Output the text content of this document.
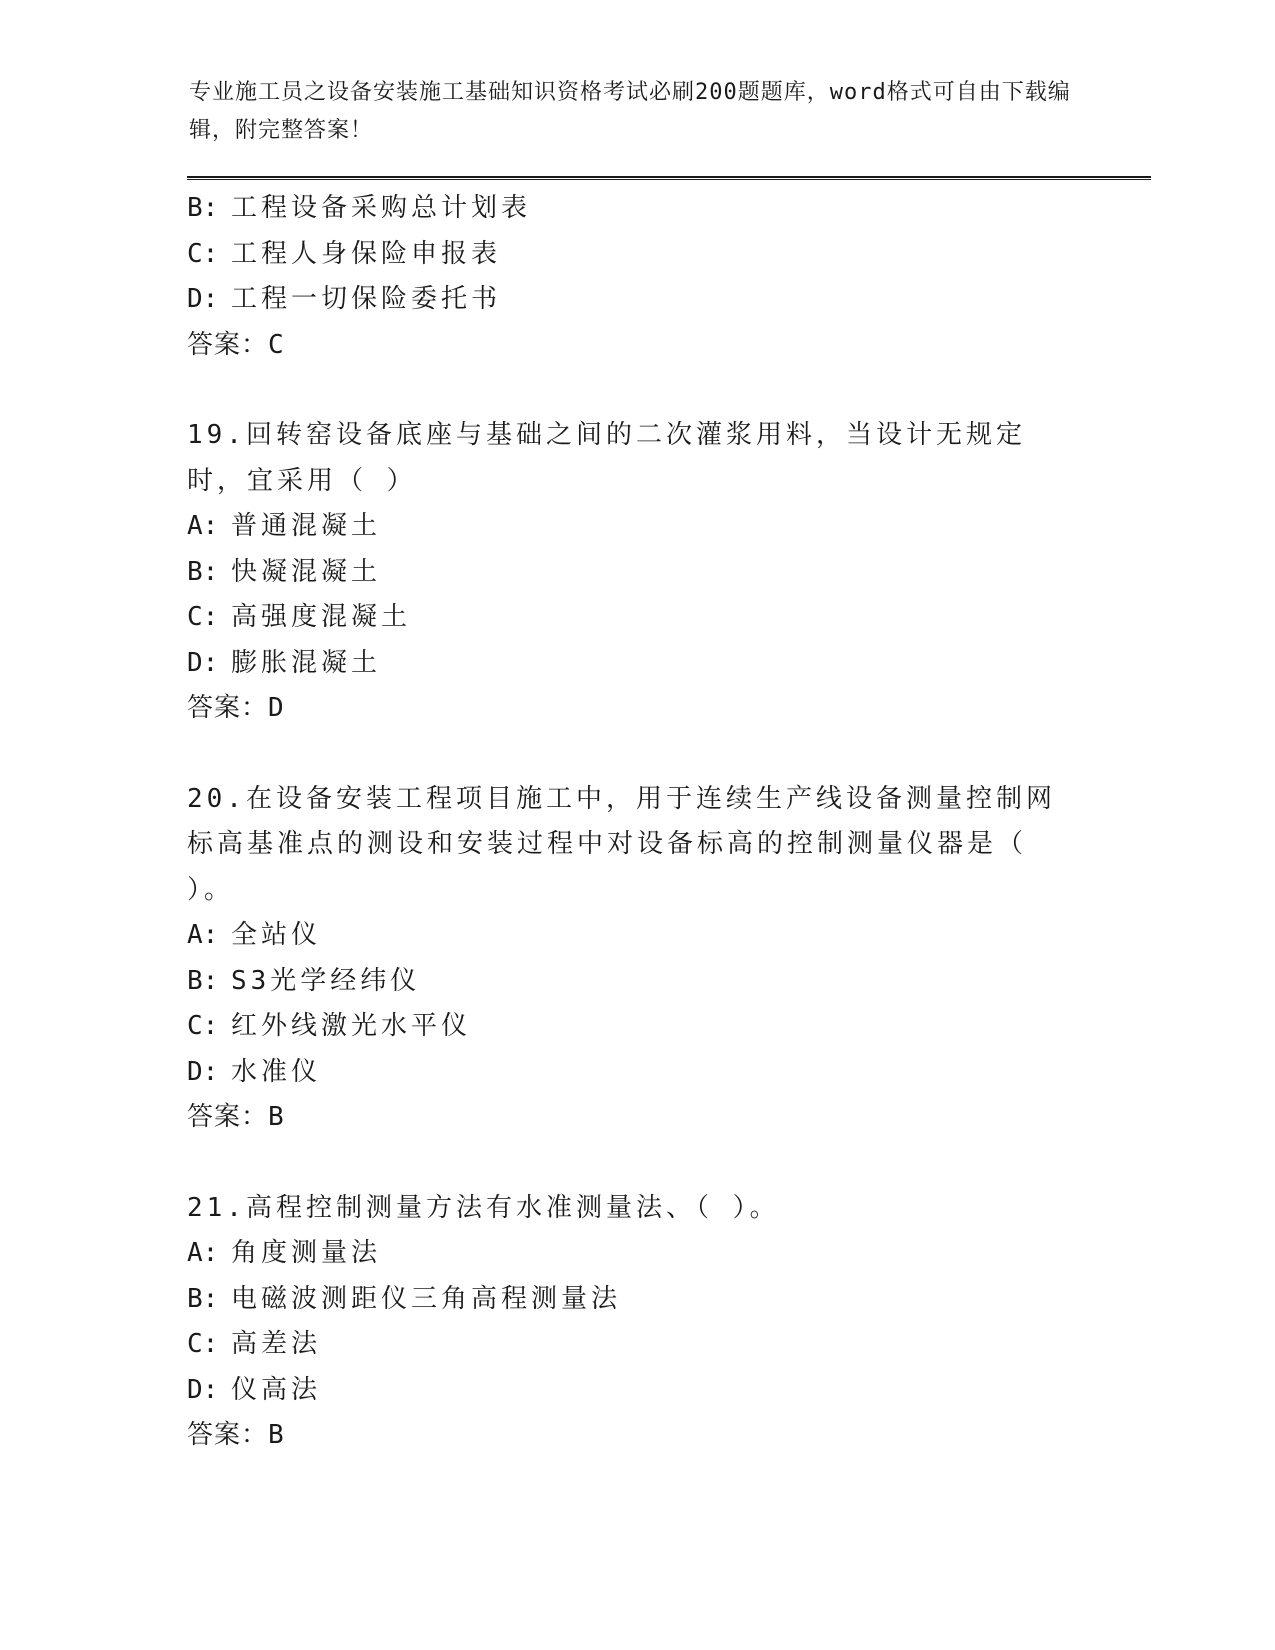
专业施工员之设备安装施工基础知识资格考试必刷200题题库，word格式可自由下载编辑，附完整答案！
B: 工程设备采购总计划表
C: 工程人身保险申报表
D: 工程一切保险委托书
答案：C
19.回转窑设备底座与基础之间的二次灌浆用料，当设计无规定时，宜采用（ ）
A: 普通混凝土
B: 快凝混凝土
C: 高强度混凝土
D: 膨胀混凝土
答案：D
20.在设备安装工程项目施工中，用于连续生产线设备测量控制网标高基准点的测设和安装过程中对设备标高的控制测量仪器是（ ）。
A: 全站仪
B: S3光学经纬仪
C: 红外线激光水平仪
D: 水准仪
答案：B
21.高程控制测量方法有水准测量法、（ ）。
A: 角度测量法
B: 电磁波测距仪三角高程测量法
C: 高差法
D: 仪高法
答案：B
